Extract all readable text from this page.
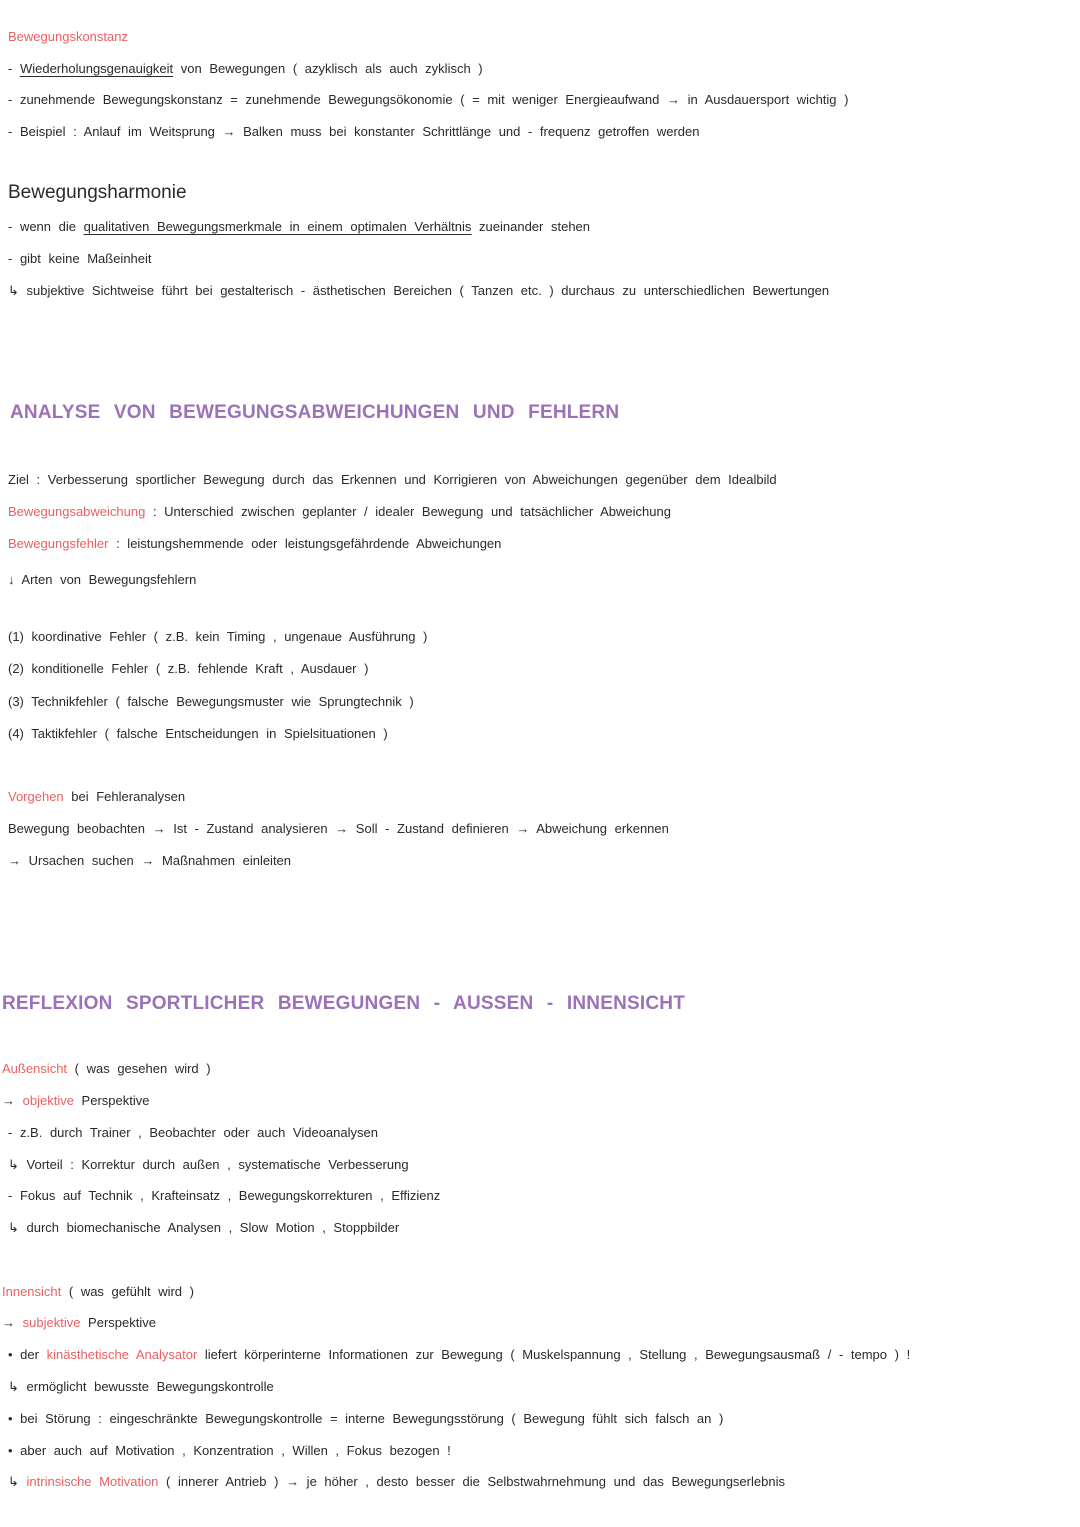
Bewegungskonstanz
- Wiederholungsgenauigkeit von Bewegungen ( azyklisch als auch zyklisch )
- zunehmende Bewegungskonstanz = zunehmende Bewegungsökonomie ( = mit weniger Energieaufwand → in Ausdauersport wichtig )
- Beispiel : Anlauf im Weitsprung → Balken muss bei konstanter Schrittlänge und - frequenz getroffen werden
Bewegungsharmonie
- wenn die qualitativen Bewegungsmerkmale in einem optimalen Verhältnis zueinander stehen
- gibt keine Maßeinheit
↳ subjektive Sichtweise führt bei gestalterisch - ästhetischen Bereichen ( Tanzen etc. ) durchaus zu unterschiedlichen Bewertungen
ANALYSE VON BEWEGUNGSABWEICHUNGEN UND FEHLERN
Ziel : Verbesserung sportlicher Bewegung durch das Erkennen und Korrigieren von Abweichungen gegenüber dem Idealbild
Bewegungsabweichung : Unterschied zwischen geplanter / idealer Bewegung und tatsächlicher Abweichung
Bewegungsfehler : leistungshemmende oder leistungsgefährdende Abweichungen
↓ Arten von Bewegungsfehlern
(1) koordinative Fehler ( z.B. kein Timing , ungenaue Ausführung )
(2) konditionelle Fehler ( z.B. fehlende Kraft , Ausdauer )
(3) Technikfehler ( falsche Bewegungsmuster wie Sprungtechnik )
(4) Taktikfehler ( falsche Entscheidungen in Spielsituationen )
Vorgehen bei Fehleranalysen
Bewegung beobachten → Ist - Zustand analysieren → Soll - Zustand definieren → Abweichung erkennen
→ Ursachen suchen → Maßnahmen einleiten
REFLEXION SPORTLICHER BEWEGUNGEN - AUSSEN - INNENSICHT
Außensicht ( was gesehen wird )
→ objektive Perspektive
- z.B. durch Trainer , Beobachter oder auch Videoanalysen
↳ Vorteil : Korrektur durch außen , systematische Verbesserung
- Fokus auf Technik , Krafteinsatz , Bewegungskorrekturen , Effizienz
↳ durch biomechanische Analysen , Slow Motion , Stoppbilder
Innensicht ( was gefühlt wird )
→ subjektive Perspektive
• der kinästhetische Analysator liefert körperinterne Informationen zur Bewegung ( Muskelspannung , Stellung , Bewegungsausmaß / - tempo ) !
↳ ermöglicht bewusste Bewegungskontrolle
• bei Störung : eingeschränkte Bewegungskontrolle = interne Bewegungsstörung ( Bewegung fühlt sich falsch an )
• aber auch auf Motivation , Konzentration , Willen , Fokus bezogen !
↳ intrinsische Motivation ( innerer Antrieb ) → je höher , desto besser die Selbstwahrnehmung und das Bewegungserlebnis
